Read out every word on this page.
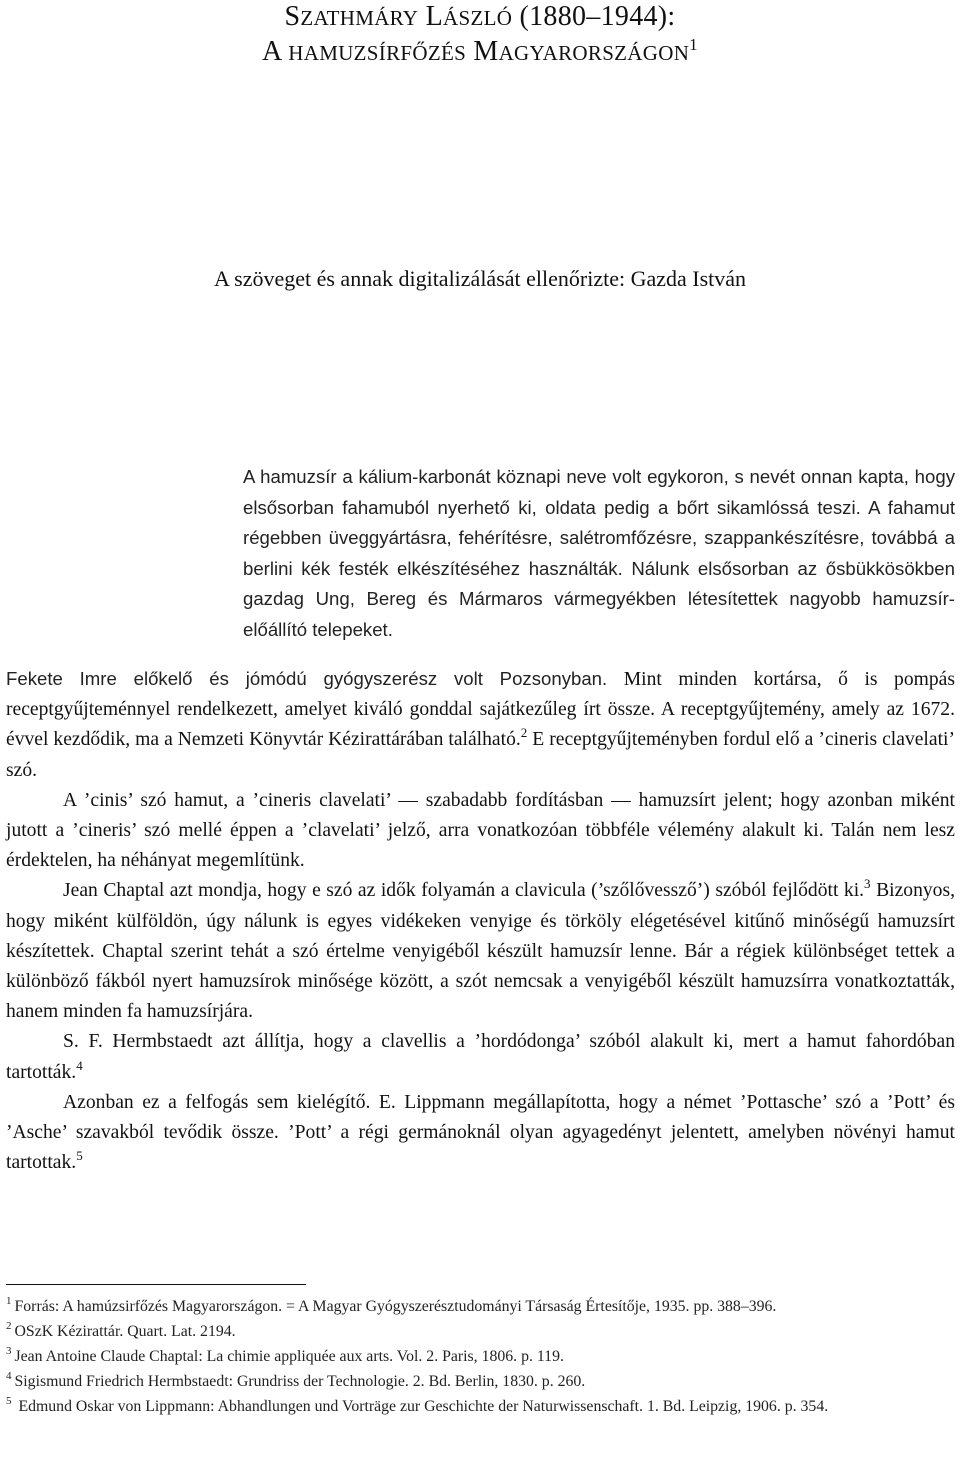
SZATHMÁRY LÁSZLÓ (1880–1944):
A HAMUZSÍRFŐZÉS MAGYARORSZÁGON$^1$
A szöveget és annak digitalizálását ellenőrizte: Gazda István
A hamuzsír a kálium-karbonát köznapi neve volt egykoron, s nevét onnan kapta, hogy elsősorban fahamuból nyerhető ki, oldata pedig a bőrt sikamlóssá teszi. A fahamut régebben üveggyártásra, fehérítésre, salétromfőzésre, szappankészítésre, továbbá a berlini kék festék elkészítéséhez használták. Nálunk elsősorban az ősbükkösökben gazdag Ung, Bereg és Mármaros vármegyékben létesítettek nagyobb hamuzsír-előállító telepeket.

Fekete Imre előkelő és jómódú gyógyszerész volt Pozsonyban. Mint minden kortársa, ő is pompás receptgyűjteménnyel rendelkezett, amelyet kiváló gonddal sajátkezűleg írt össze. A receptgyűjtemény, amely az 1672. évvel kezdődik, ma a Nemzeti Könyvtár Kézirattárában található.$^2$ E receptgyűjteményben fordul elő a ’cineris clavelati’ szó.

A ’cinis’ szó hamut, a ’cineris clavelati’ — szabadabb fordításban — hamuzsírt jelent; hogy azonban miként jutott a ’cineris’ szó mellé éppen a ’clavelati’ jelző, arra vonatkozóan többféle vélemény alakult ki. Talán nem lesz érdektelen, ha néhányat megemlítünk.

Jean Chaptal azt mondja, hogy e szó az idők folyamán a clavicula (’szőlővessző’) szóból fejlődött ki.$^3$ Bizonyos, hogy miként külföldön, úgy nálunk is egyes vidékeken venyige és törköly elégetésével kitűnő minőségű hamuzsírt készítettek. Chaptal szerint tehát a szó értelme venyigéből készült hamuzsír lenne. Bár a régiek különbséget tettek a különböző fákból nyert hamuzsírok minősége között, a szót nemcsak a venyigéből készült hamuzsírra vonatkoztatták, hanem minden fa hamuzsírjára.

S. F. Hermbstaedt azt állítja, hogy a clavellis a ’hordódonga’ szóból alakult ki, mert a hamut fahordóban tartották.$^4$

Azonban ez a felfogás sem kielégítő. E. Lippmann megállapította, hogy a német ’Pottasche’ szó a ’Pott’ és ’Asche’ szavakból tevődik össze. ’Pott’ a régi germánoknál olyan agyagedényt jelentett, amelyben növényi hamut tartottak.$^5$

$^1$ Forrás: A hamúzsirfőzés Magyarországon. = A Magyar Gyógyszerésztudományi Társaság Értesítője, 1935. pp. 388–396.

$^2$ OSzK Kézirattár. Quart. Lat. 2194.

$^3$ Jean Antoine Claude Chaptal: La chimie appliquée aux arts. Vol. 2. Paris, 1806. p. 119.

$^4$ Sigismund Friedrich Hermbstaedt: Grundriss der Technologie. 2. Bd. Berlin, 1830. p. 260.

$^5$ Edmund Oskar von Lippmann: Abhandlungen und Vorträge zur Geschichte der Naturwissenschaft. 1. Bd. Leipzig, 1906. p. 354.
